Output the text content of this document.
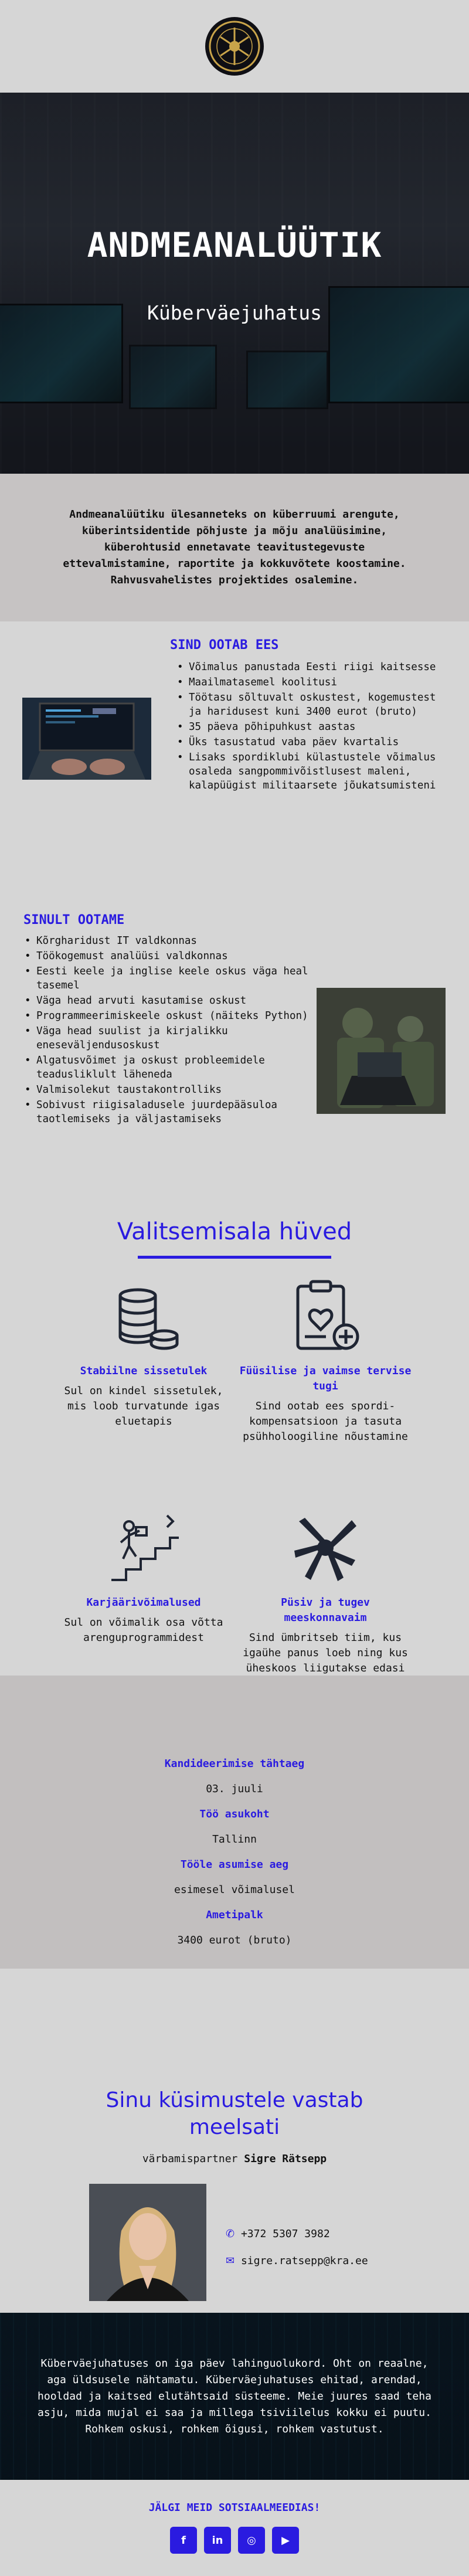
ANDMEANALÜÜTIK
Küberväejuhatus

Andmeanalüütiku ülesanneteks on küberruumi arengute, küberintsidentide põhjuste ja mõju analüüsimine, küberohtusid ennetavate teavitustegevuste ettevalmistamine, raportite ja kokkuvõtete koostamine. Rahvusvahelistes projektides osalemine.

SIND OOTAB EES
• Võimalus panustada Eesti riigi kaitsesse
• Maailmatasemel koolitusi
• Töötasu sõltuvalt oskustest, kogemustest ja haridusest kuni 3400 eurot (bruto)
• 35 päeva põhipuhkust aastas
• Üks tasustatud vaba päev kvartalis
• Lisaks spordiklubi külastustele võimalus osaleda sangpommivõistlusest maleni, kalapüügist militaarsete jõukatsumisteni
SINULT OOTAME
• Kõrgharidust IT valdkonnas
• Töökogemust analüüsi valdkonnas
• Eesti keele ja inglise keele oskus väga heal tasemel
• Väga head arvuti kasutamise oskust
• Programmeerimiskeele oskust (näiteks Python)
• Väga head suulist ja kirjalikku eneseväljendusoskust
• Algatusvõimet ja oskust probleemidele teadusliklult läheneda
• Valmisolekut taustakontrolliks
• Sobivust riigisaladusele juurdepääsuloa taotlemiseks ja väljastamiseks
Valitsemisala hüved
Stabiilne sissetulek

Sul on kindel sissetulek, mis loob turvatunde igas eluetapis

Füüsilise ja vaimse tervise tugi

Sind ootab ees spordi- kompensatsioon ja tasuta psühholoogiline nõustamine

Karjäärivõimalused

Sul on võimalik osa võtta arenguprogrammidest

Püsiv ja tugev meeskonnavaim

Sind ümbritseb tiim, kus igaühe panus loeb ning kus üheskoos liigutakse edasi

Kandideerimise tähtaeg
03. juuli
Töö asukoht
Tallinn
Tööle asumise aeg
esimesel võimalusel
Ametipalk
3400 eurot (bruto)
Sinu küsimustele vastab meelsati
värbamispartner Sigre Rätsepp
✆ +372 5307 3982
✉ sigre.ratsepp@kra.ee

Küberväejuhatuses on iga päev lahinguolukord. Oht on reaalne, aga üldsusele nähtamatu. Küberväejuhatuses ehitad, arendad, hooldad ja kaitsed elutähtsaid süsteeme. Meie juures saad teha asju, mida mujal ei saa ja millega tsiviilelus kokku ei puutu. Rohkem oskusi, rohkem õigusi, rohkem vastutust.

JÄLGI MEID SOTSIAALMEEDIAS!
f	in	◎	▶
